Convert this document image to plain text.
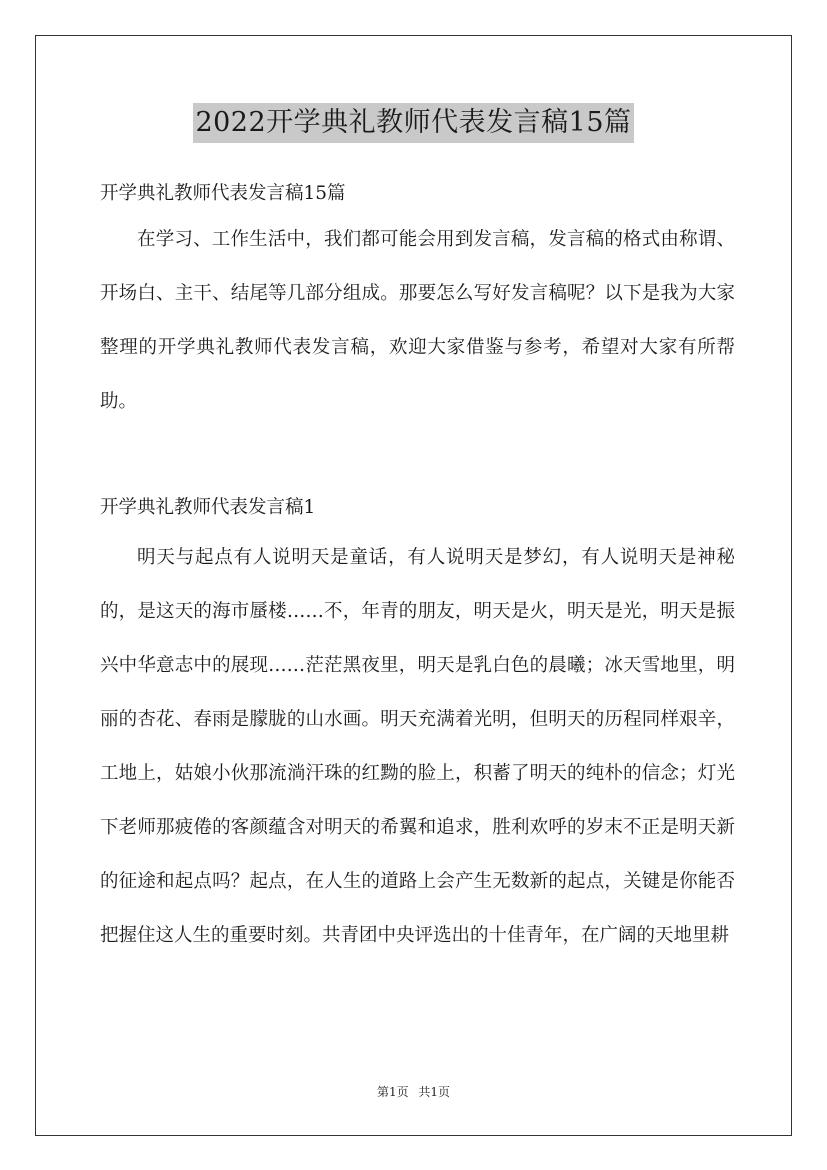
2022开学典礼教师代表发言稿15篇

开学典礼教师代表发言稿15篇

在学习、工作生活中，我们都可能会用到发言稿，发言稿的格式由称谓、开场白、主干、结尾等几部分组成。那要怎么写好发言稿呢？以下是我为大家整理的开学典礼教师代表发言稿，欢迎大家借鉴与参考，希望对大家有所帮助。

开学典礼教师代表发言稿1

明天与起点有人说明天是童话，有人说明天是梦幻，有人说明天是神秘的，是这天的海市蜃楼……不，年青的朋友，明天是火，明天是光，明天是振兴中华意志中的展现……茫茫黑夜里，明天是乳白色的晨曦；冰天雪地里，明丽的杏花、春雨是朦胧的山水画。明天充满着光明，但明天的历程同样艰辛，工地上，姑娘小伙那流淌汗珠的红黝的脸上，积蓄了明天的纯朴的信念；灯光下老师那疲倦的客颜蕴含对明天的希翼和追求，胜利欢呼的岁末不正是明天新的征途和起点吗？起点，在人生的道路上会产生无数新的起点，关键是你能否把握住这人生的重要时刻。共青团中央评选出的十佳青年，在广阔的天地里耕

第1页 共1页
